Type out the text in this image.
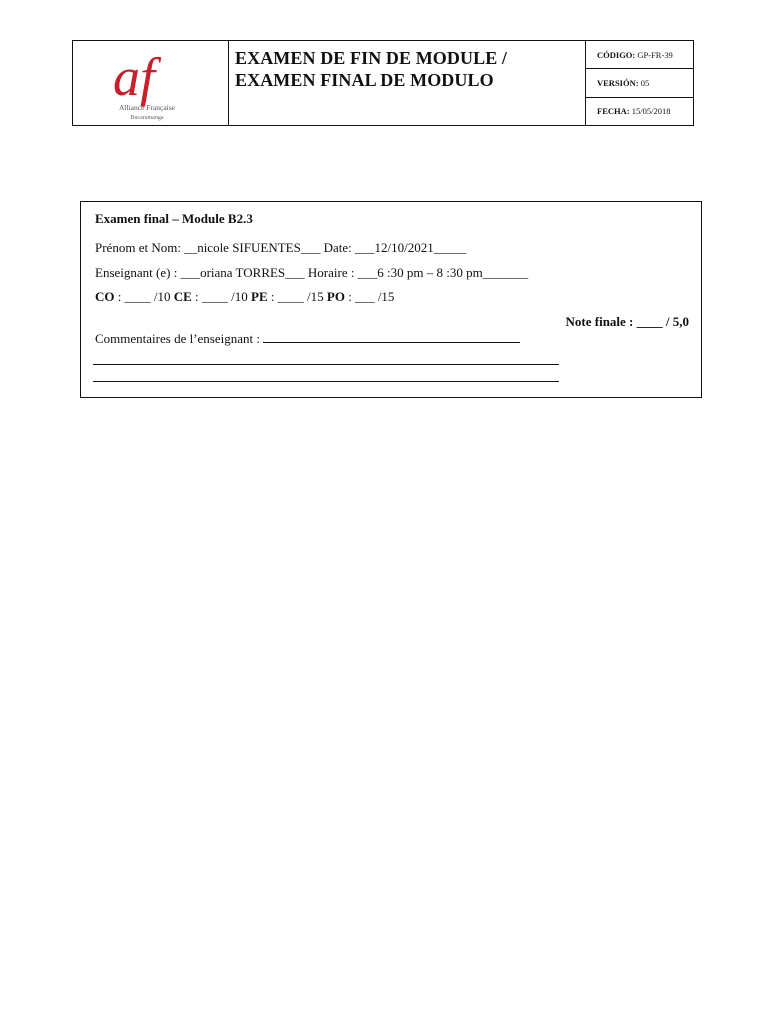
af
Alliance Française
Bucaramanga
EXAMEN DE FIN DE MODULE /
EXAMEN FINAL DE MODULO
CÓDIGO:
GP-FR-39
VERSIÓN:
05
FECHA:
15/05/2018
Examen final – Module B2.3
Prénom et Nom: __nicole SIFUENTES___ Date: ___12/10/2021_____
Enseignant (e) : ___oriana TORRES___ Horaire : ___6 :30 pm – 8 :30 pm_______
CO : ____ /10 CE : ____ /10 PE : ____ /15 PO : ___ /15
Note finale : ____ / 5,0
Commentaires de l’enseignant :
